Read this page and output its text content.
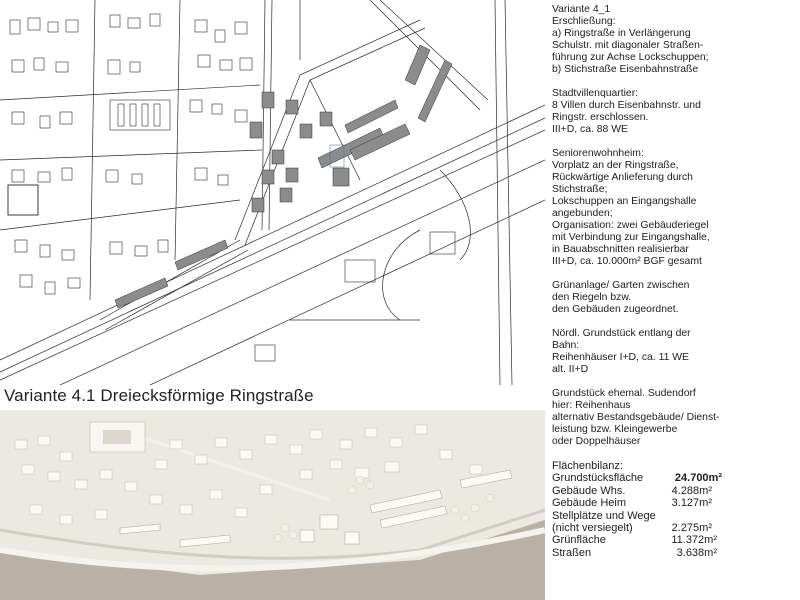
Variante 4.1 Dreiecksförmige Ringstraße
Variante 4_1
Erschließung:
a) Ringstraße in Verlängerung
Schulstr. mit diagonaler Straßen-
führung zur Achse Lockschuppen;
b) Stichstraße Eisenbahnstraße
Stadtvillenquartier:
8 Villen durch Eisenbahnstr. und
Ringstr. erschlossen.
III+D, ca. 88 WE
Seniorenwohnheim:
Vorplatz an der Ringstraße,
Rückwärtige Anlieferung durch
Stichstraße;
Lokschuppen an Eingangshalle
angebunden;
Organisation: zwei Gebäuderiegel
mit Verbindung zur Eingangshalle,
in Bauabschnitten realisierbar
III+D, ca. 10.000m² BGF gesamt
Grünanlage/ Garten zwischen
den Riegeln bzw.
den Gebäuden zugeordnet.
Nördl. Grundstück entlang der
Bahn:
Reihenhäuser I+D, ca. 11 WE
alt. II+D
Grundstück ehemal. Sudendorf
hier: Reihenhaus
alternativ Bestandsgebäude/ Dienst-
leistung bzw. Kleingewerbe
oder Doppelhäuser
Flächenbilanz:
Grundstücksfläche	24.700m²
Gebäude Whs.	4.288m²
Gebäude Heim	3.127m²
Stellplätze und Wege
(nicht versiegelt)	2.275m²
Grünfläche	11.372m²
Straßen	3.638m²
